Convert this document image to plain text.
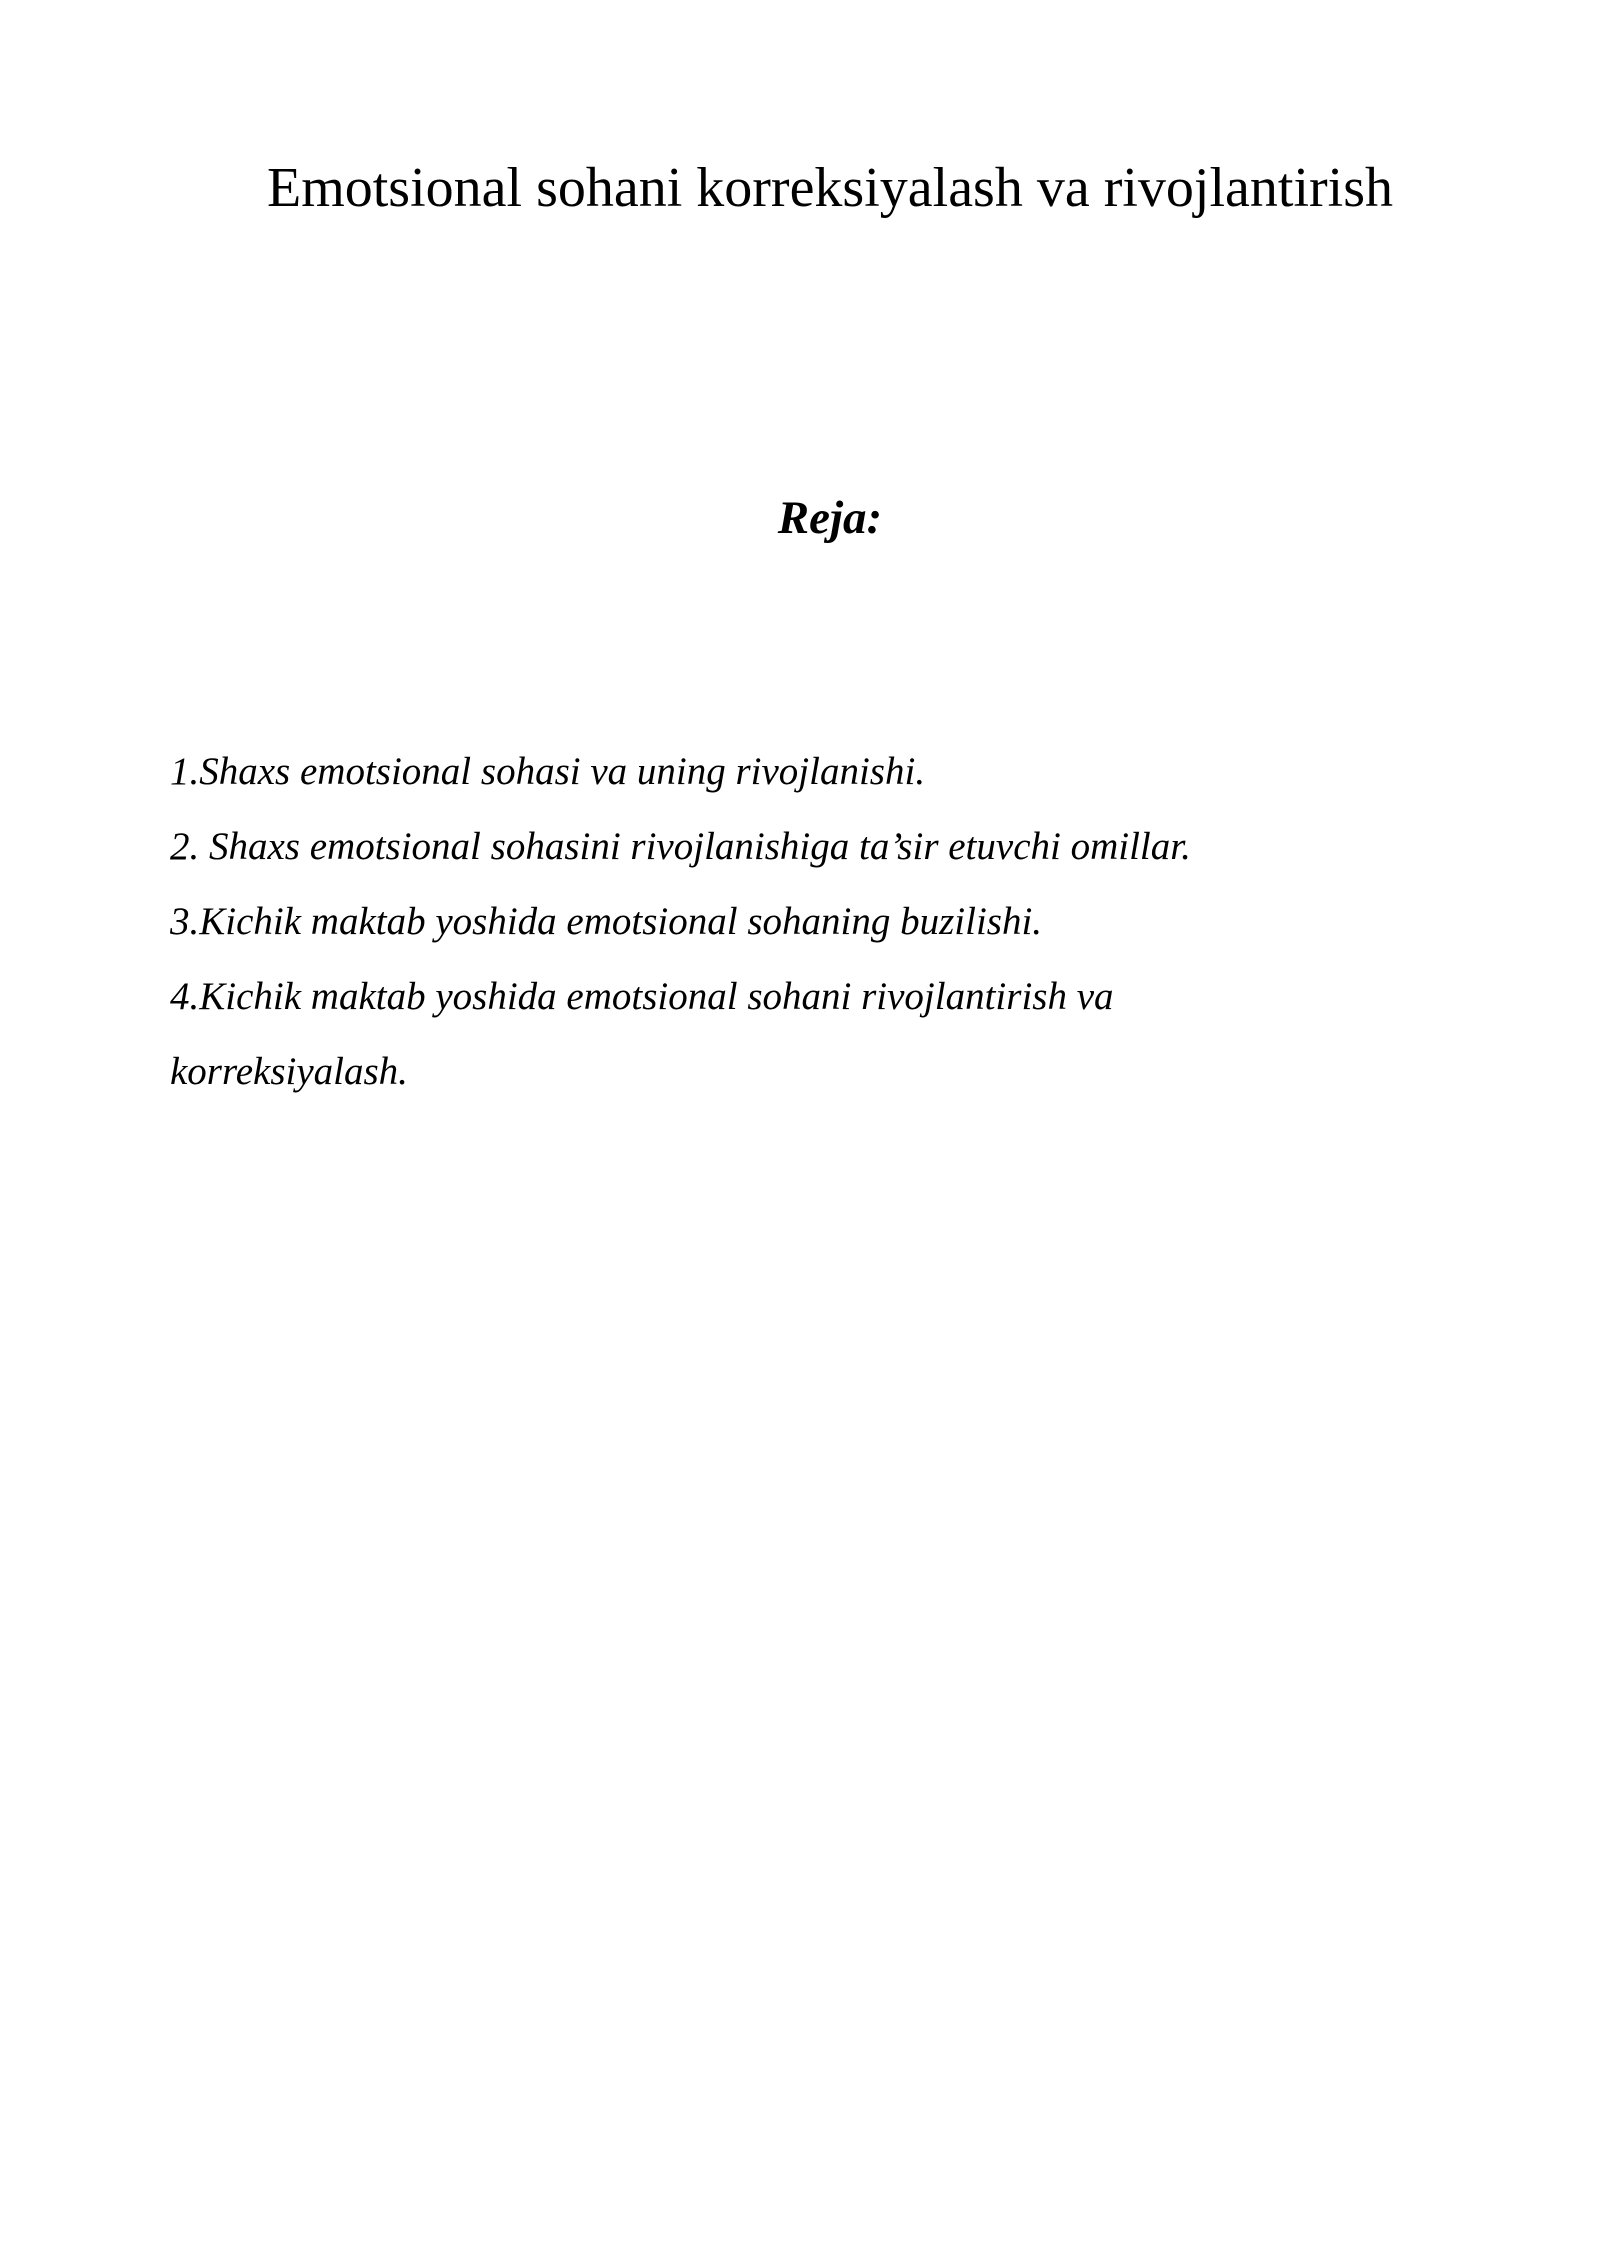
Emotsional sohani korreksiyalash va rivojlantirish
Reja:
1.Shaxs emotsional sohasi va uning rivojlanishi.
2. Shaxs emotsional sohasini rivojlanishiga ta’sir etuvchi omillar.
3.Kichik maktab yoshida emotsional sohaning buzilishi.
4.Kichik maktab yoshida emotsional sohani rivojlantirish va
korreksiyalash.
